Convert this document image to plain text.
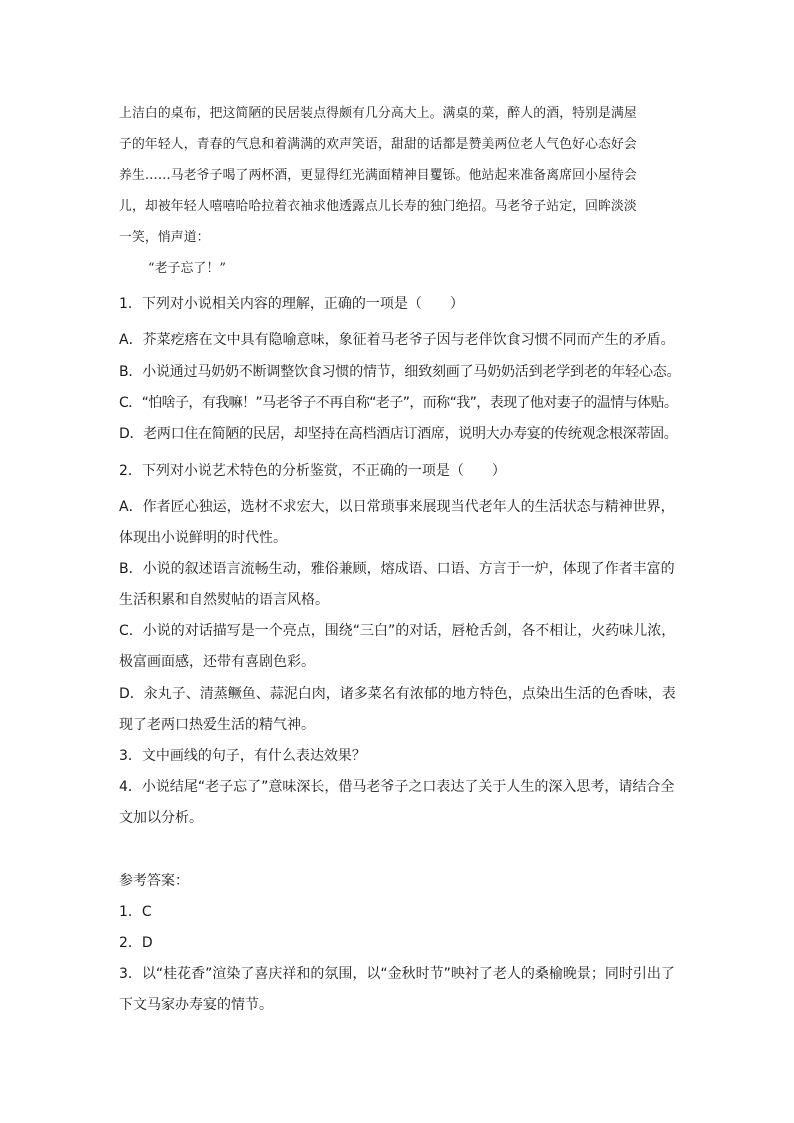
上洁白的桌布，把这简陋的民居装点得颇有几分高大上。满桌的菜，醉人的酒，特别是满屋
子的年轻人，青春的气息和着满满的欢声笑语，甜甜的话都是赞美两位老人气色好心态好会
养生……马老爷子喝了两杯酒，更显得红光满面精神目矍铄。他站起来准备离席回小屋待会
儿，却被年轻人嘻嘻哈哈拉着衣袖求他透露点儿长寿的独门绝招。马老爷子站定，回眸淡淡
一笑，悄声道：
“老子忘了！”
1．下列对小说相关内容的理解，正确的一项是（　　）
A．芥菜疙瘩在文中具有隐喻意味，象征着马老爷子因与老伴饮食习惯不同而产生的矛盾。
B．小说通过马奶奶不断调整饮食习惯的情节，细致刻画了马奶奶活到老学到老的年轻心态。
C．“怕啥子，有我嘛！”马老爷子不再自称“老子”，而称“我”，表现了他对妻子的温情与体贴。
D．老两口住在简陋的民居，却坚持在高档酒店订酒席，说明大办寿宴的传统观念根深蒂固。
2．下列对小说艺术特色的分析鉴赏，不正确的一项是（　　）
A．作者匠心独运，选材不求宏大，以日常琐事来展现当代老年人的生活状态与精神世界，
体现出小说鲜明的时代性。
B．小说的叙述语言流畅生动，雅俗兼顾，熔成语、口语、方言于一炉，体现了作者丰富的
生活积累和自然熨帖的语言风格。
C．小说的对话描写是一个亮点，围绕“三白”的对话，唇枪舌剑，各不相让，火药味儿浓，
极富画面感，还带有喜剧色彩。
D．汆丸子、清蒸鳜鱼、蒜泥白肉，诸多菜名有浓郁的地方特色，点染出生活的色香味，表
现了老两口热爱生活的精气神。
3．文中画线的句子，有什么表达效果？
4．小说结尾“老子忘了”意味深长，借马老爷子之口表达了关于人生的深入思考，请结合全
文加以分析。
参考答案：
1．C
2．D
3．以“桂花香”渲染了喜庆祥和的氛围，以“金秋时节”映衬了老人的桑榆晚景；同时引出了
下文马家办寿宴的情节。
